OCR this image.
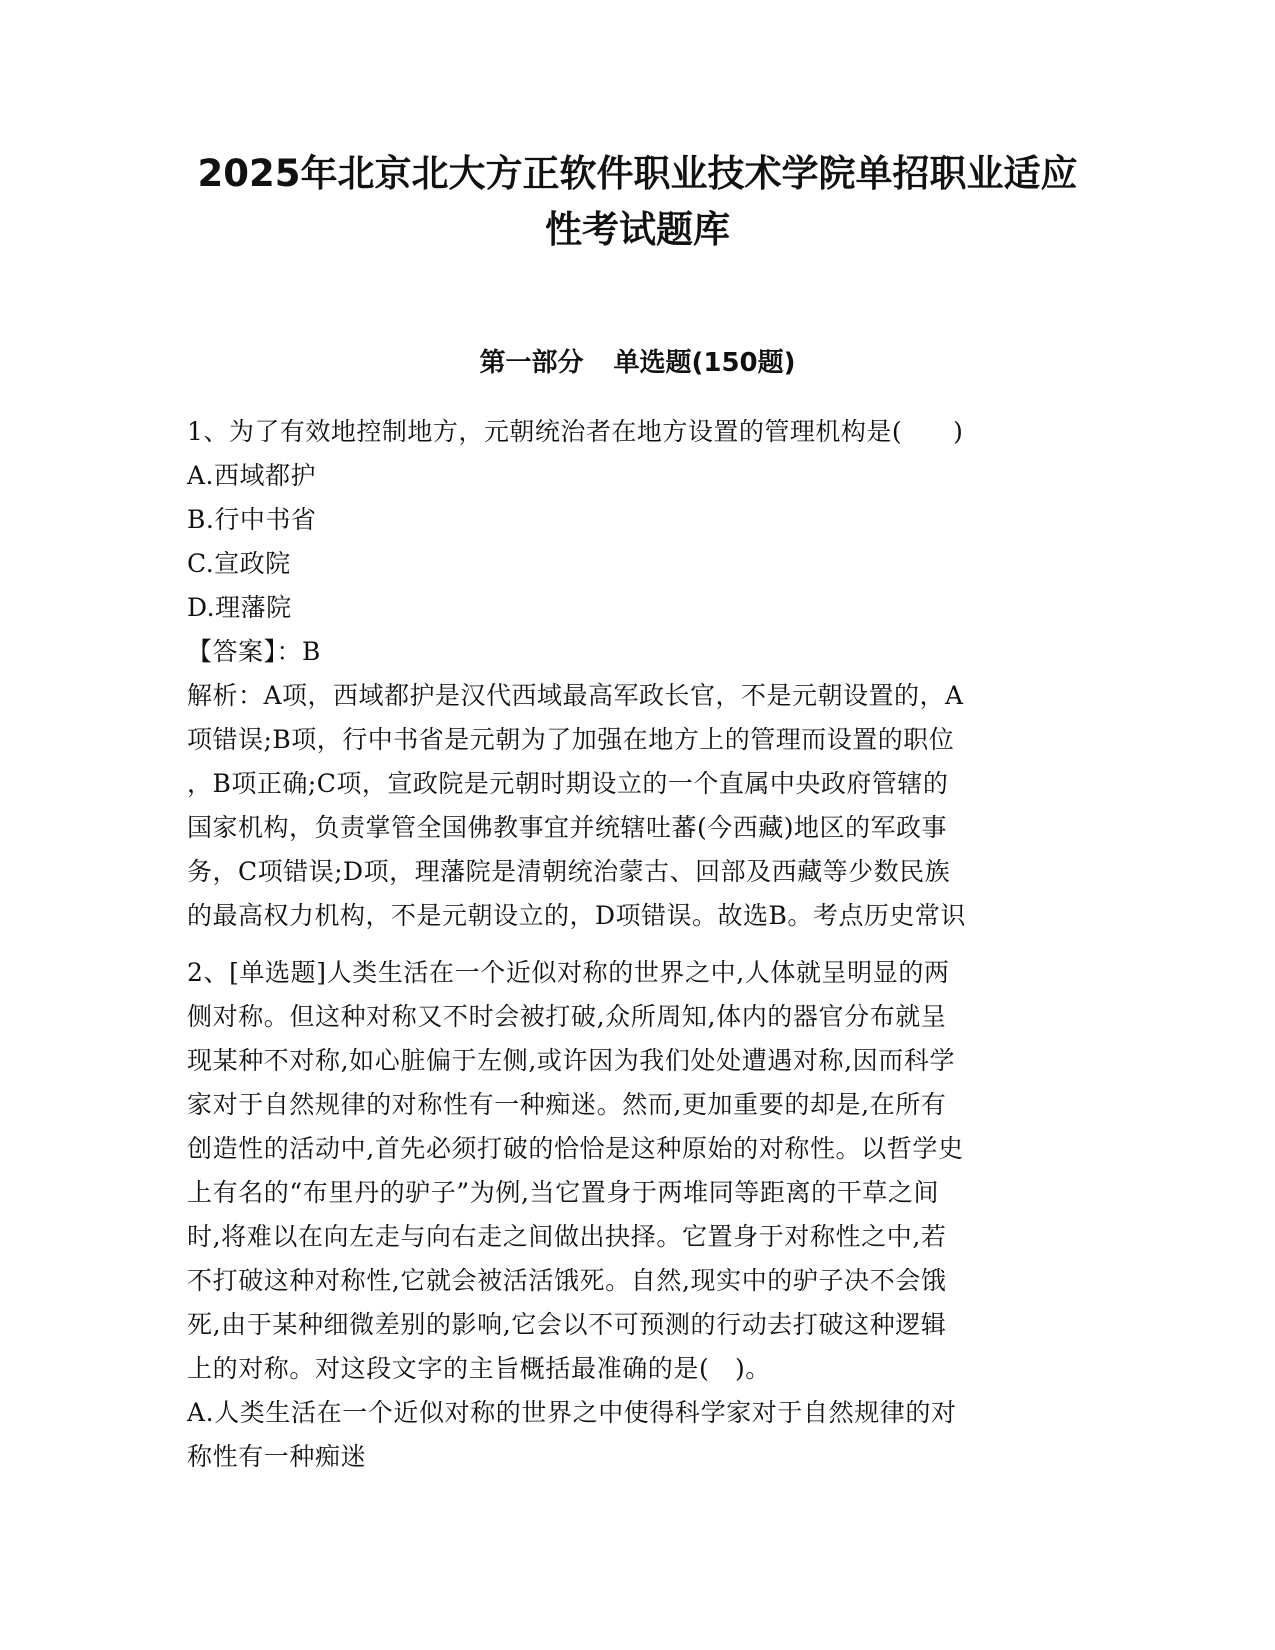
2025年北京北大方正软件职业技术学院单招职业适应
性考试题库
第一部分 单选题(150题)
1、为了有效地控制地方，元朝统治者在地方设置的管理机构是(　　)
A.西域都护
B.行中书省
C.宣政院
D.理藩院
【答案】：B
解析：A项，西域都护是汉代西域最高军政长官，不是元朝设置的，A
项错误;B项，行中书省是元朝为了加强在地方上的管理而设置的职位
，B项正确;C项，宣政院是元朝时期设立的一个直属中央政府管辖的
国家机构，负责掌管全国佛教事宜并统辖吐蕃(今西藏)地区的军政事
务，C项错误;D项，理藩院是清朝统治蒙古、回部及西藏等少数民族
的最高权力机构，不是元朝设立的，D项错误。故选B。考点历史常识
2、[单选题]人类生活在一个近似对称的世界之中,人体就呈明显的两
侧对称。但这种对称又不时会被打破,众所周知,体内的器官分布就呈
现某种不对称,如心脏偏于左侧,或许因为我们处处遭遇对称,因而科学
家对于自然规律的对称性有一种痴迷。然而,更加重要的却是,在所有
创造性的活动中,首先必须打破的恰恰是这种原始的对称性。以哲学史
上有名的“布里丹的驴子”为例,当它置身于两堆同等距离的干草之间
时,将难以在向左走与向右走之间做出抉择。它置身于对称性之中,若
不打破这种对称性,它就会被活活饿死。自然,现实中的驴子决不会饿
死,由于某种细微差别的影响,它会以不可预测的行动去打破这种逻辑
上的对称。对这段文字的主旨概括最准确的是(　)。
A.人类生活在一个近似对称的世界之中使得科学家对于自然规律的对
称性有一种痴迷
